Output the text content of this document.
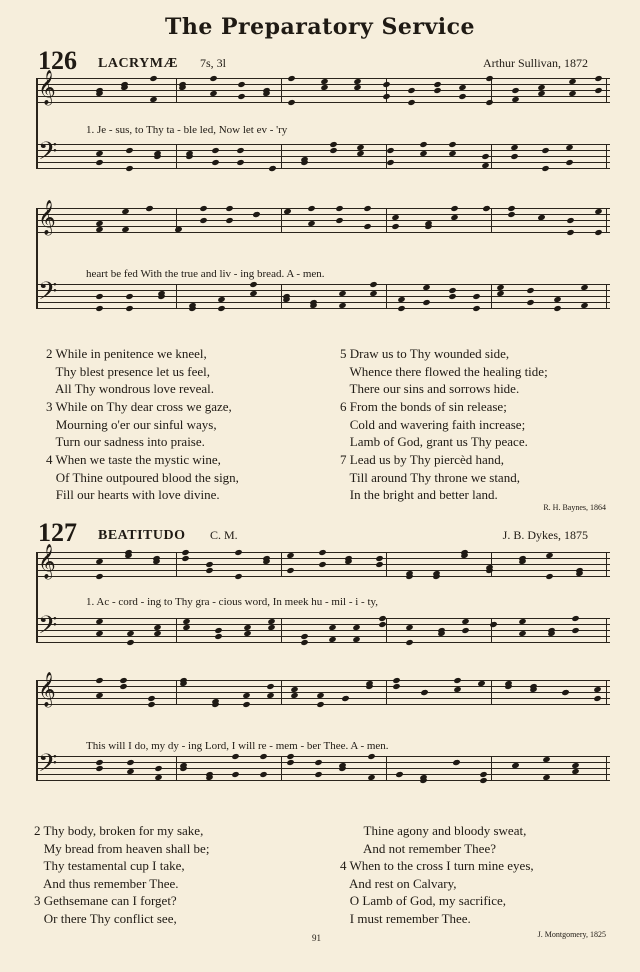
The Preparatory Service
126 LACRYMÆ 7s, 3l	Arthur Sullivan, 1872
𝄞
𝄢
𝄞
𝄢
𝄞
𝄢
𝄞
𝄢
1. Je - sus, to Thy ta - ble led, Now let ev - 'ry
heart be fed With the true and liv - ing bread. A - men.
2 While in penitence we kneel,
Thy blest presence let us feel,
All Thy wondrous love reveal.
3 While on Thy dear cross we gaze,
Mourning o'er our sinful ways,
Turn our sadness into praise.
4 When we taste the mystic wine,
Of Thine outpoured blood the sign,
Fill our hearts with love divine.
5 Draw us to Thy wounded side,
Whence there flowed the healing tide;
There our sins and sorrows hide.
6 From the bonds of sin release;
Cold and wavering faith increase;
Lamb of God, grant us Thy peace.
7 Lead us by Thy piercèd hand,
Till around Thy throne we stand,
In the bright and better land.
R. H. Baynes, 1864
127 BEATITUDO C. M.	J. B. Dykes, 1875
1. Ac - cord - ing to Thy gra - cious word, In meek hu - mil - i - ty,
This will I do, my dy - ing Lord, I will re - mem - ber Thee. A - men.
2 Thy body, broken for my sake,
My bread from heaven shall be;
Thy testamental cup I take,
And thus remember Thee.
3 Gethsemane can I forget?
Or there Thy conflict see,
Thine agony and bloody sweat,
And not remember Thee?
4 When to the cross I turn mine eyes,
And rest on Calvary,
O Lamb of God, my sacrifice,
I must remember Thee.
J. Montgomery, 1825
91
